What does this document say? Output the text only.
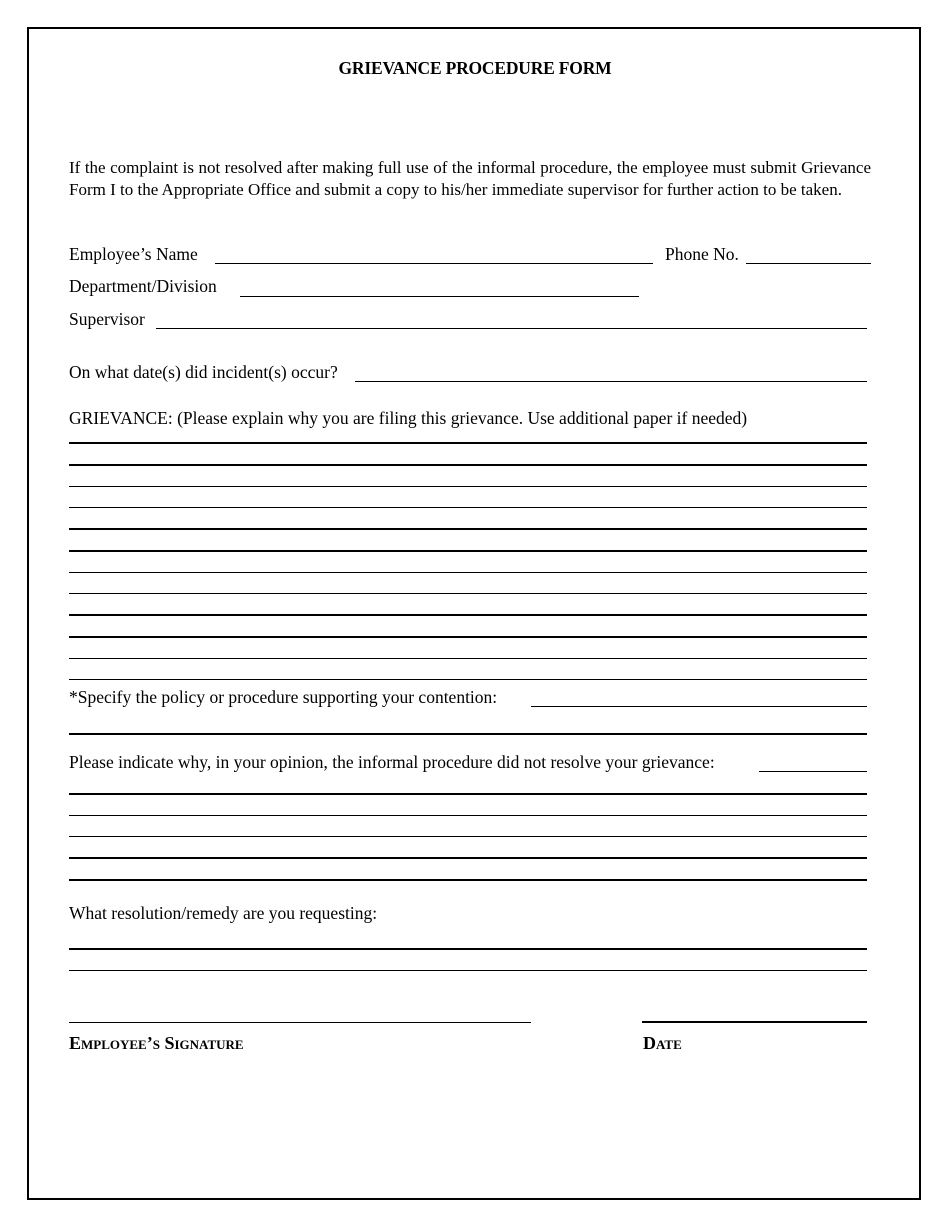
GRIEVANCE PROCEDURE FORM
If the complaint is not resolved after making full use of the informal procedure, the employee must submit Grievance Form I to the Appropriate Office and submit a copy to his/her immediate supervisor for further action to be taken.
Employee’s Name	Phone No.
Department/Division
Supervisor
On what date(s) did incident(s) occur?
GRIEVANCE: (Please explain why you are filing this grievance. Use additional paper if needed)
*Specify the policy or procedure supporting your contention:
Please indicate why, in your opinion, the informal procedure did not resolve your grievance:
What resolution/remedy are you requesting:
Employee’s Signature	Date
